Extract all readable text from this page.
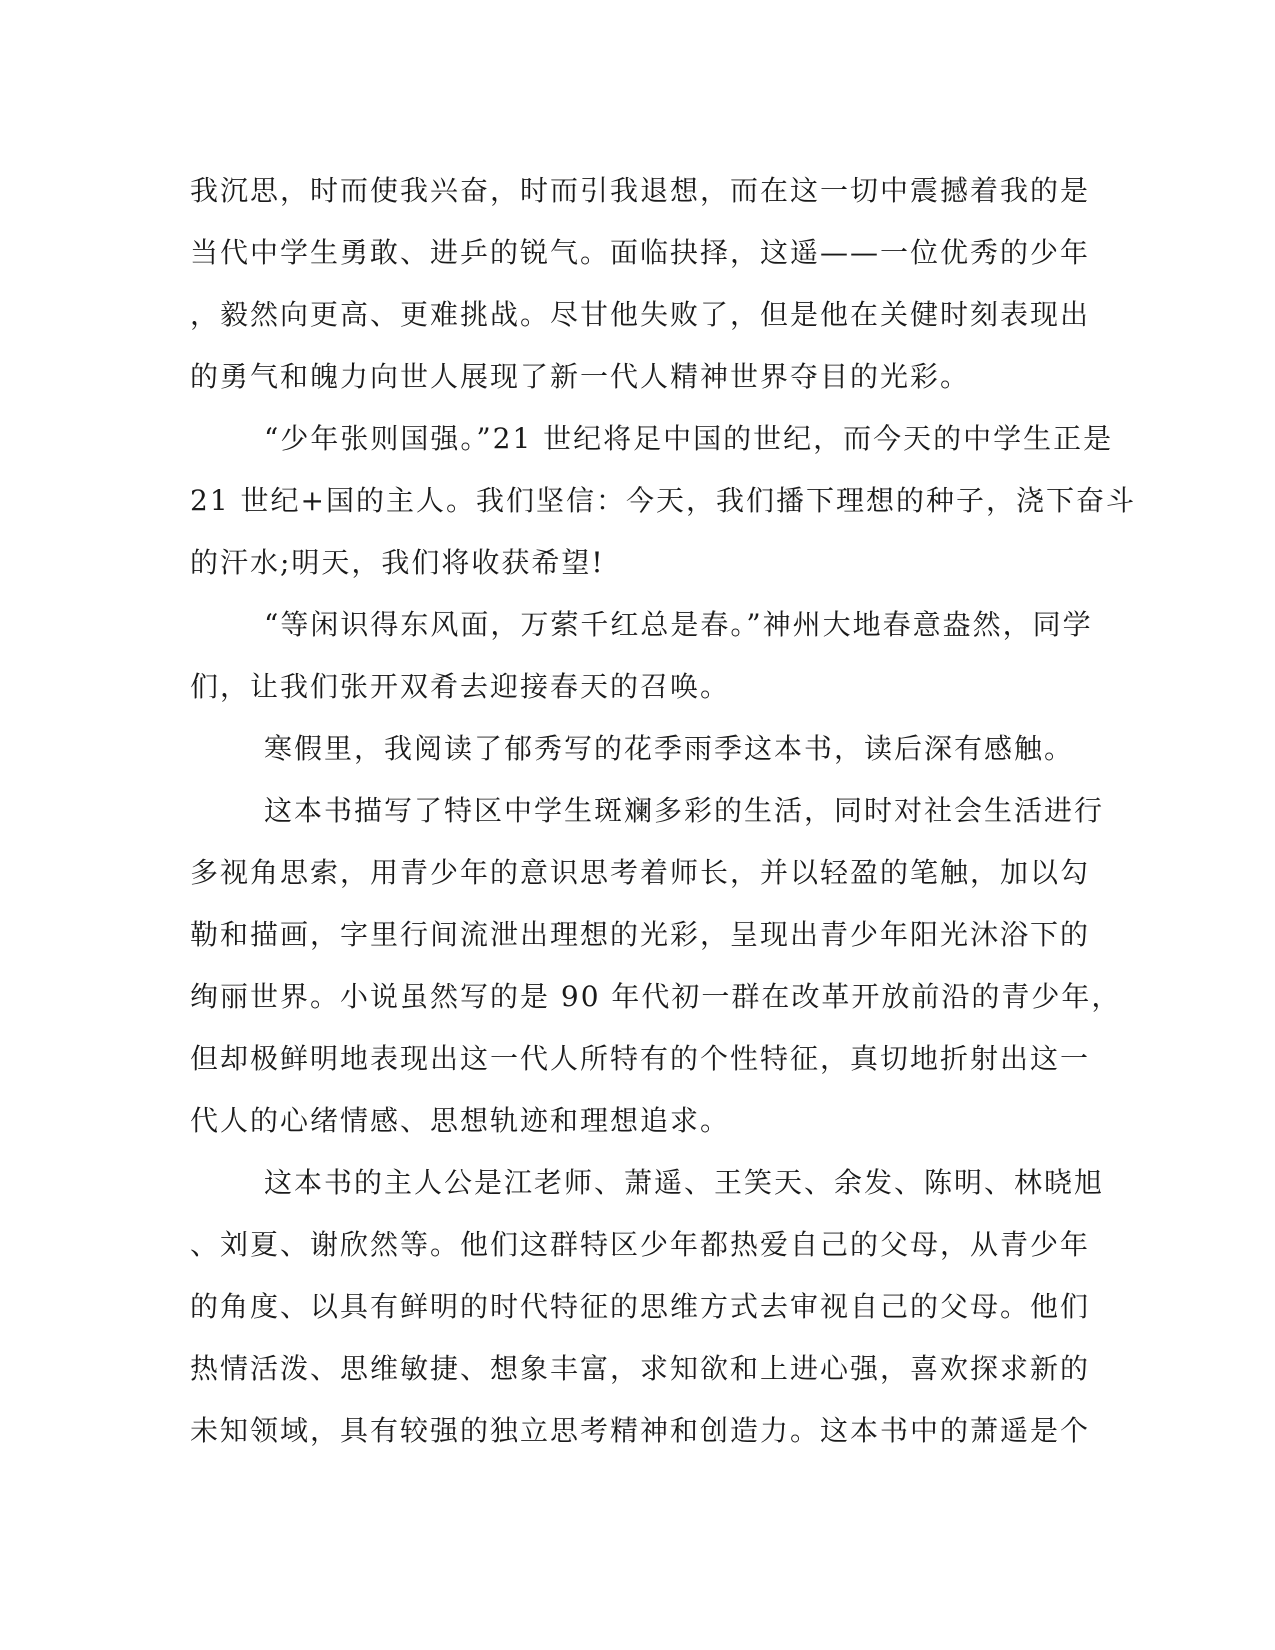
我沉思，时而使我兴奋，时而引我退想，而在这一切中震撼着我的是
当代中学生勇敢、进乒的锐气。面临抉择，这遥——一位优秀的少年
，毅然向更高、更难挑战。尽甘他失败了，但是他在关健时刻表现出
的勇气和魄力向世人展现了新一代人精神世界夺目的光彩。
“少年张则国强。”21 世纪将足中国的世纪，而今天的中学生正是
21 世纪+国的主人。我们坚信：今天，我们播下理想的种子，浇下奋斗
的汗水;明天，我们将收获希望!
“等闲识得东风面，万萦千红总是春。”神州大地春意盎然，同学
们，让我们张开双肴去迎接春天的召唤。
寒假里，我阅读了郁秀写的花季雨季这本书，读后深有感触。
这本书描写了特区中学生斑斓多彩的生活，同时对社会生活进行
多视角思索，用青少年的意识思考着师长，并以轻盈的笔触，加以勾
勒和描画，字里行间流泄出理想的光彩，呈现出青少年阳光沐浴下的
绚丽世界。小说虽然写的是 90 年代初一群在改革开放前沿的青少年，
但却极鲜明地表现出这一代人所特有的个性特征，真切地折射出这一
代人的心绪情感、思想轨迹和理想追求。
这本书的主人公是江老师、萧遥、王笑天、余发、陈明、林晓旭
、刘夏、谢欣然等。他们这群特区少年都热爱自己的父母，从青少年
的角度、以具有鲜明的时代特征的思维方式去审视自己的父母。他们
热情活泼、思维敏捷、想象丰富，求知欲和上进心强，喜欢探求新的
未知领域，具有较强的独立思考精神和创造力。这本书中的萧遥是个
